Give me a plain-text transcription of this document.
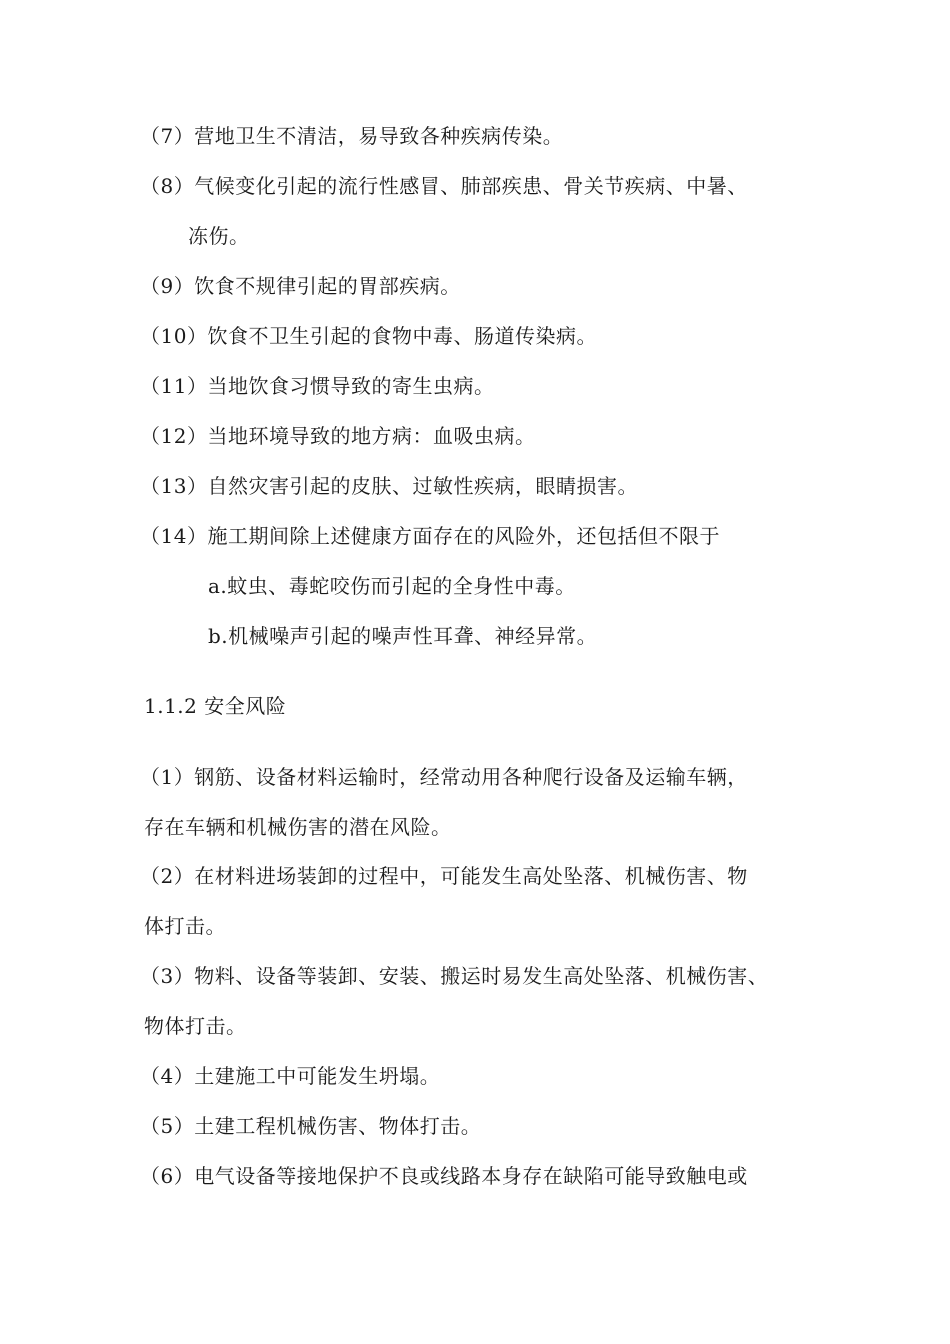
（7）营地卫生不清洁，易导致各种疾病传染。
（8）气候变化引起的流行性感冒、肺部疾患、骨关节疾病、中暑、
冻伤。
（9）饮食不规律引起的胃部疾病。
（10）饮食不卫生引起的食物中毒、肠道传染病。
（11）当地饮食习惯导致的寄生虫病。
（12）当地环境导致的地方病：血吸虫病。
（13）自然灾害引起的皮肤、过敏性疾病，眼睛损害。
（14）施工期间除上述健康方面存在的风险外，还包括但不限于
a.蚊虫、毒蛇咬伤而引起的全身性中毒。
b.机械噪声引起的噪声性耳聋、神经异常。
1.1.2 安全风险
（1）钢筋、设备材料运输时，经常动用各种爬行设备及运输车辆，
存在车辆和机械伤害的潜在风险。
（2）在材料进场装卸的过程中，可能发生高处坠落、机械伤害、物
体打击。
（3）物料、设备等装卸、安装、搬运时易发生高处坠落、机械伤害、
物体打击。
（4）土建施工中可能发生坍塌。
（5）土建工程机械伤害、物体打击。
（6）电气设备等接地保护不良或线路本身存在缺陷可能导致触电或
